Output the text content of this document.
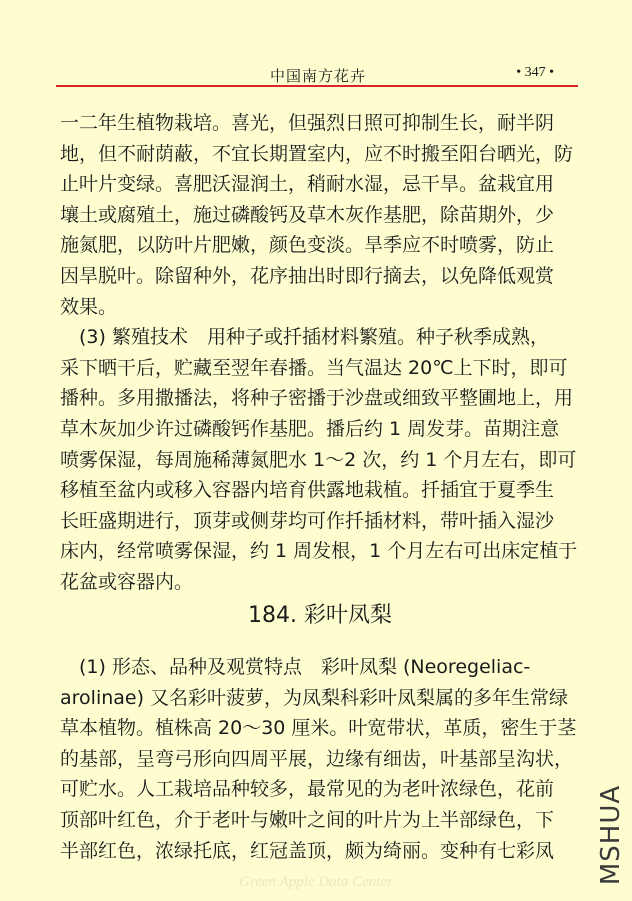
中国南方花卉	• 347 •
一二年生植物栽培。喜光，但强烈日照可抑制生长，耐半阴
地，但不耐荫蔽，不宜长期置室内，应不时搬至阳台晒光，防
止叶片变绿。喜肥沃湿润土，稍耐水湿，忌干旱。盆栽宜用
壤土或腐殖土，施过磷酸钙及草木灰作基肥，除苗期外，少
施氮肥，以防叶片肥嫩，颜色变淡。旱季应不时喷雾，防止
因旱脱叶。除留种外，花序抽出时即行摘去，以免降低观赏
效果。
　(3) 繁殖技术　用种子或扦插材料繁殖。种子秋季成熟，
采下晒干后，贮藏至翌年春播。当气温达 20℃上下时，即可
播种。多用撒播法，将种子密播于沙盘或细致平整圃地上，用
草木灰加少许过磷酸钙作基肥。播后约 1 周发芽。苗期注意
喷雾保湿，每周施稀薄氮肥水 1～2 次，约 1 个月左右，即可
移植至盆内或移入容器内培育供露地栽植。扦插宜于夏季生
长旺盛期进行，顶芽或侧芽均可作扦插材料，带叶插入湿沙
床内，经常喷雾保湿，约 1 周发根，1 个月左右可出床定植于
花盆或容器内。
184. 彩叶凤梨
　(1) 形态、品种及观赏特点　彩叶凤梨 (Neoregeliac-
arolinae) 又名彩叶菠萝，为凤梨科彩叶凤梨属的多年生常绿
草本植物。植株高 20～30 厘米。叶宽带状，革质，密生于茎
的基部，呈弯弓形向四周平展，边缘有细齿，叶基部呈沟状，
可贮水。人工栽培品种较多，最常见的为老叶浓绿色，花前
顶部叶红色，介于老叶与嫩叶之间的叶片为上半部绿色，下
半部红色，浓绿托底，红冠盖顶，颇为绮丽。变种有七彩凤	MSHUA
Green Apple Data Center
